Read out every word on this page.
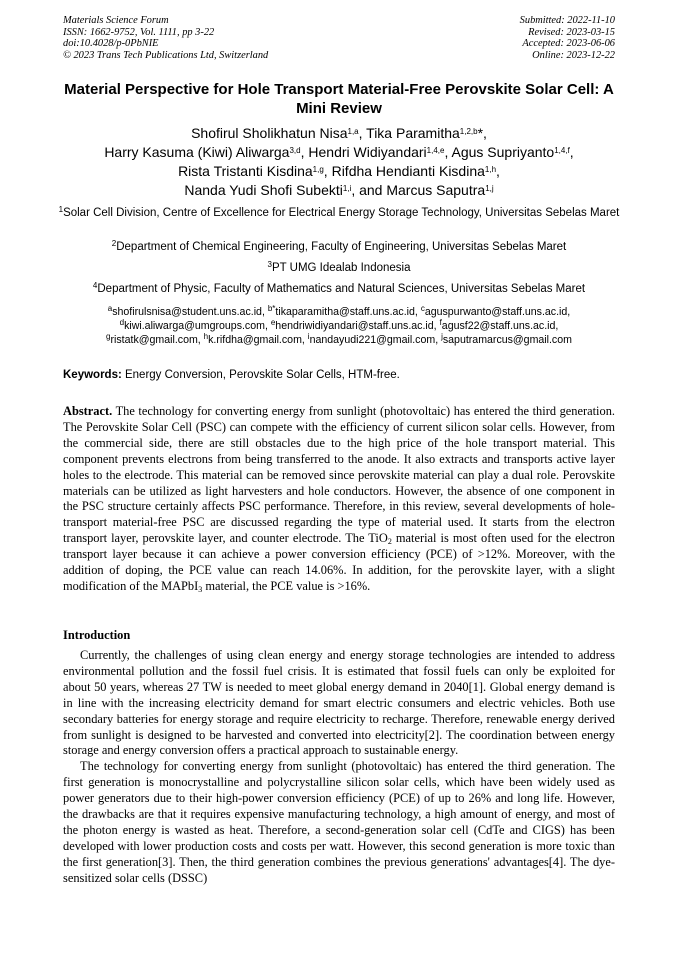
Materials Science Forum
ISSN: 1662-9752, Vol. 1111, pp 3-22
doi:10.4028/p-0PbNIE
© 2023 Trans Tech Publications Ltd, Switzerland
Submitted: 2022-11-10
Revised: 2023-03-15
Accepted: 2023-06-06
Online: 2023-12-22
Material Perspective for Hole Transport Material-Free Perovskite Solar Cell: A Mini Review
Shofirul Sholikhatun Nisa$^{1,a}$, Tika Paramitha$^{1,2,b}$*,
Harry Kasuma (Kiwi) Aliwarga$^{3,d}$, Hendri Widiyandari$^{1,4,e}$, Agus Supriyanto$^{1,4,f}$,
Rista Tristanti Kisdina$^{1,g}$, Rifdha Hendianti Kisdina$^{1,h}$,
Nanda Yudi Shofi Subekti$^{1,i}$, and Marcus Saputra$^{1,j}$
$^1$Solar Cell Division, Centre of Excellence for Electrical Energy Storage Technology, Universitas Sebelas Maret
$^2$Department of Chemical Engineering, Faculty of Engineering, Universitas Sebelas Maret
$^3$PT UMG Idealab Indonesia
$^4$Department of Physic, Faculty of Mathematics and Natural Sciences, Universitas Sebelas Maret
$^a$shofirulsnisa@student.uns.ac.id, $^{b*}$tikaparamitha@staff.uns.ac.id, $^c$aguspurwanto@staff.uns.ac.id,
$^d$kiwi.aliwarga@umgroups.com, $^e$hendriwidiyandari@staff.uns.ac.id, $^f$agusf22@staff.uns.ac.id,
$^g$ristatk@gmail.com, $^h$k.rifdha@gmail.com, $^i$nandayudi221@gmail.com, $^j$saputramarcus@gmail.com
Keywords: Energy Conversion, Perovskite Solar Cells, HTM-free.
Abstract. The technology for converting energy from sunlight (photovoltaic) has entered the third generation. The Perovskite Solar Cell (PSC) can compete with the efficiency of current silicon solar cells. However, from the commercial side, there are still obstacles due to the high price of the hole transport material. This component prevents electrons from being transferred to the anode. It also extracts and transports active layer holes to the electrode. This material can be removed since perovskite material can play a dual role. Perovskite materials can be utilized as light harvesters and hole conductors. However, the absence of one component in the PSC structure certainly affects PSC performance. Therefore, in this review, several developments of hole-transport material-free PSC are discussed regarding the type of material used. It starts from the electron transport layer, perovskite layer, and counter electrode. The TiO$_2$ material is most often used for the electron transport layer because it can achieve a power conversion efficiency (PCE) of >12%. Moreover, with the addition of doping, the PCE value can reach 14.06%. In addition, for the perovskite layer, with a slight modification of the MAPbI$_3$ material, the PCE value is >16%.
Introduction

Currently, the challenges of using clean energy and energy storage technologies are intended to address environmental pollution and the fossil fuel crisis. It is estimated that fossil fuels can only be exploited for about 50 years, whereas 27 TW is needed to meet global energy demand in 2040[1]. Global energy demand is in line with the increasing electricity demand for smart electric consumers and electric vehicles. Both use secondary batteries for energy storage and require electricity to recharge. Therefore, renewable energy derived from sunlight is designed to be harvested and converted into electricity[2]. The coordination between energy storage and energy conversion offers a practical approach to sustainable energy.

The technology for converting energy from sunlight (photovoltaic) has entered the third generation. The first generation is monocrystalline and polycrystalline silicon solar cells, which have been widely used as power generators due to their high-power conversion efficiency (PCE) of up to 26% and long life. However, the drawbacks are that it requires expensive manufacturing technology, a high amount of energy, and most of the photon energy is wasted as heat. Therefore, a second-generation solar cell (CdTe and CIGS) has been developed with lower production costs and costs per watt. However, this second generation is more toxic than the first generation[3]. Then, the third generation combines the previous generations' advantages[4]. The dye-sensitized solar cells (DSSC)
